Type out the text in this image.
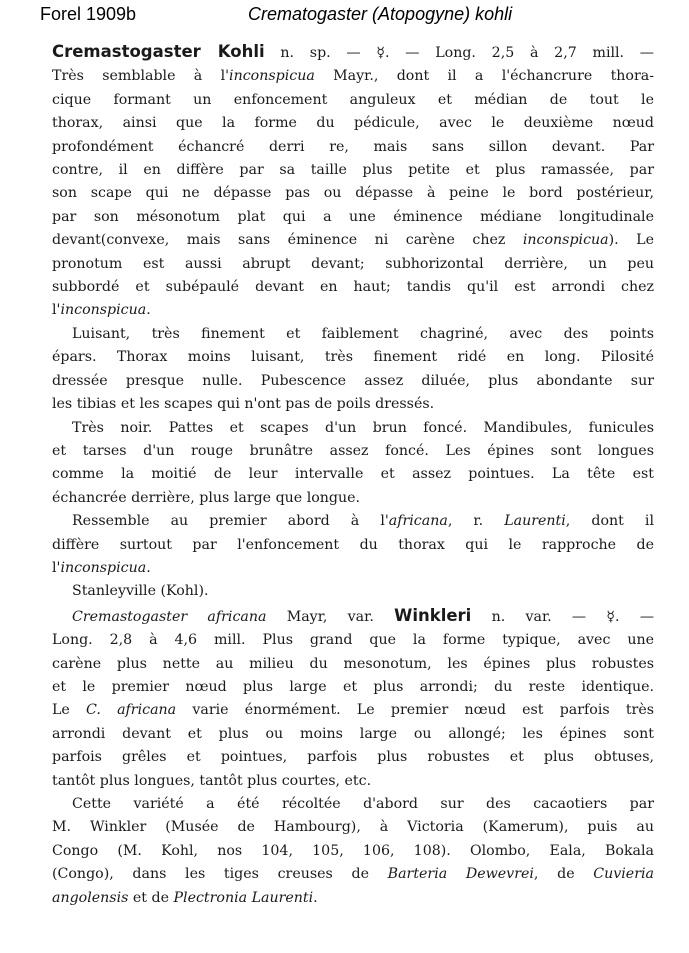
Forel 1909b	Crematogaster (Atopogyne) kohli
Cremastogaster Kohli n. sp. — ☿. — Long. 2,5 à 2,7 mill. —
Très semblable à l'inconspicua Mayr., dont il a l'échancrure thora-
cique formant un enfoncement anguleux et médian de tout le
thorax, ainsi que la forme du pédicule, avec le deuxième nœud
profondément échancré derri re, mais sans sillon devant. Par
contre, il en diffère par sa taille plus petite et plus ramassée, par
son scape qui ne dépasse pas ou dépasse à peine le bord postérieur,
par son mésonotum plat qui a une éminence médiane longitudinale
devant(convexe, mais sans éminence ni carène chez inconspicua). Le
pronotum est aussi abrupt devant; subhorizontal derrière, un peu
subbordé et subépaulé devant en haut; tandis qu'il est arrondi chez
l'inconspicua.
Luisant, très finement et faiblement chagriné, avec des points
épars. Thorax moins luisant, très finement ridé en long. Pilosité
dressée presque nulle. Pubescence assez diluée, plus abondante sur
les tibias et les scapes qui n'ont pas de poils dressés.
Très noir. Pattes et scapes d'un brun foncé. Mandibules, funicules
et tarses d'un rouge brunâtre assez foncé. Les épines sont longues
comme la moitié de leur intervalle et assez pointues. La tête est
échancrée derrière, plus large que longue.
Ressemble au premier abord à l'africana, r. Laurenti, dont il
diffère surtout par l'enfoncement du thorax qui le rapproche de
l'inconspicua.
Stanleyville (Kohl).
Cremastogaster africana Mayr, var. Winkleri n. var. — ☿. —
Long. 2,8 à 4,6 mill. Plus grand que la forme typique, avec une
carène plus nette au milieu du mesonotum, les épines plus robustes
et le premier nœud plus large et plus arrondi; du reste identique.
Le C. africana varie énormément. Le premier nœud est parfois très
arrondi devant et plus ou moins large ou allongé; les épines sont
parfois grêles et pointues, parfois plus robustes et plus obtuses,
tantôt plus longues, tantôt plus courtes, etc.
Cette variété a été récoltée d'abord sur des cacaotiers par
M. Winkler (Musée de Hambourg), à Victoria (Kamerum), puis au
Congo (M. Kohl, nos 104, 105, 106, 108). Olombo, Eala, Bokala
(Congo), dans les tiges creuses de Barteria Dewevrei, de Cuvieria
angolensis et de Plectronia Laurenti.
